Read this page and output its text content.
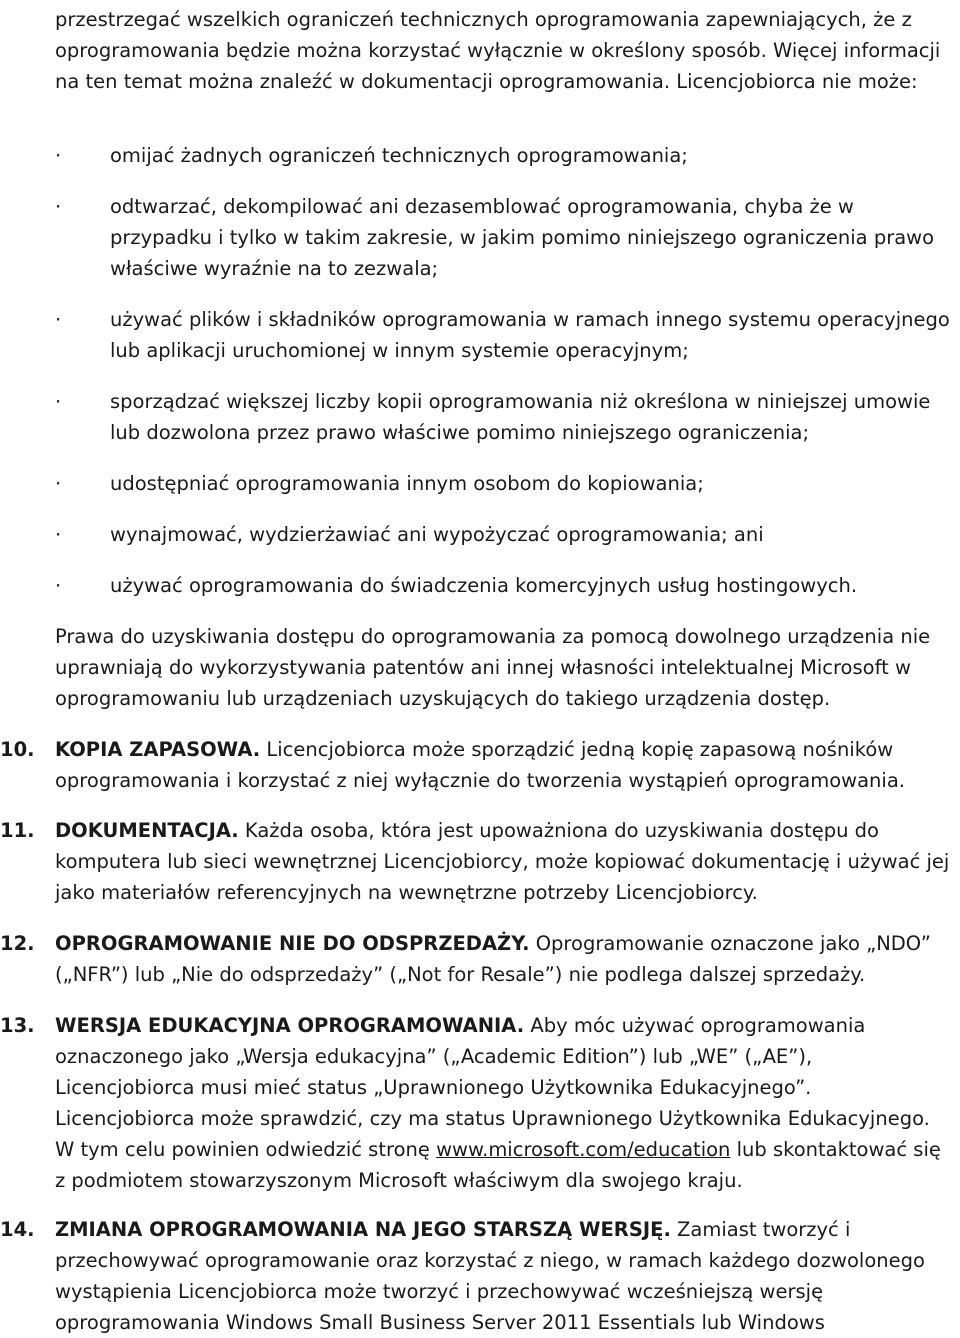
przestrzegać wszelkich ograniczeń technicznych oprogramowania zapewniających, że z oprogramowania będzie można korzystać wyłącznie w określony sposób. Więcej informacji na ten temat można znaleźć w dokumentacji oprogramowania. Licencjobiorca nie może:

·	omijać żadnych ograniczeń technicznych oprogramowania;
·	odtwarzać, dekompilować ani dezasemblować oprogramowania, chyba że w przypadku i tylko w takim zakresie, w jakim pomimo niniejszego ograniczenia prawo właściwe wyraźnie na to zezwala;
·	używać plików i składników oprogramowania w ramach innego systemu operacyjnego lub aplikacji uruchomionej w innym systemie operacyjnym;
·	sporządzać większej liczby kopii oprogramowania niż określona w niniejszej umowie lub dozwolona przez prawo właściwe pomimo niniejszego ograniczenia;
·	udostępniać oprogramowania innym osobom do kopiowania;
·	wynajmować, wydzierżawiać ani wypożyczać oprogramowania; ani
·	używać oprogramowania do świadczenia komercyjnych usług hostingowych.

Prawa do uzyskiwania dostępu do oprogramowania za pomocą dowolnego urządzenia nie uprawniają do wykorzystywania patentów ani innej własności intelektualnej Microsoft w oprogramowaniu lub urządzeniach uzyskujących do takiego urządzenia dostęp.

10.	KOPIA ZAPASOWA. Licencjobiorca może sporządzić jedną kopię zapasową nośników oprogramowania i korzystać z niej wyłącznie do tworzenia wystąpień oprogramowania.

11.	DOKUMENTACJA. Każda osoba, która jest upoważniona do uzyskiwania dostępu do komputera lub sieci wewnętrznej Licencjobiorcy, może kopiować dokumentację i używać jej jako materiałów referencyjnych na wewnętrzne potrzeby Licencjobiorcy.

12.	OPROGRAMOWANIE NIE DO ODSPRZEDAŻY. Oprogramowanie oznaczone jako „NDO” („NFR”) lub „Nie do odsprzedaży” („Not for Resale”) nie podlega dalszej sprzedaży.

13.	WERSJA EDUKACYJNA OPROGRAMOWANIA. Aby móc używać oprogramowania oznaczonego jako „Wersja edukacyjna” („Academic Edition”) lub „WE” („AE”), Licencjobiorca musi mieć status „Uprawnionego Użytkownika Edukacyjnego”. Licencjobiorca może sprawdzić, czy ma status Uprawnionego Użytkownika Edukacyjnego. W tym celu powinien odwiedzić stronę www.microsoft.com/education lub skontaktować się z podmiotem stowarzyszonym Microsoft właściwym dla swojego kraju.

14.	ZMIANA OPROGRAMOWANIA NA JEGO STARSZĄ WERSJĘ. Zamiast tworzyć i przechowywać oprogramowanie oraz korzystać z niego, w ramach każdego dozwolonego wystąpienia Licencjobiorca może tworzyć i przechowywać wcześniejszą wersję oprogramowania Windows Small Business Server 2011 Essentials lub Windows
